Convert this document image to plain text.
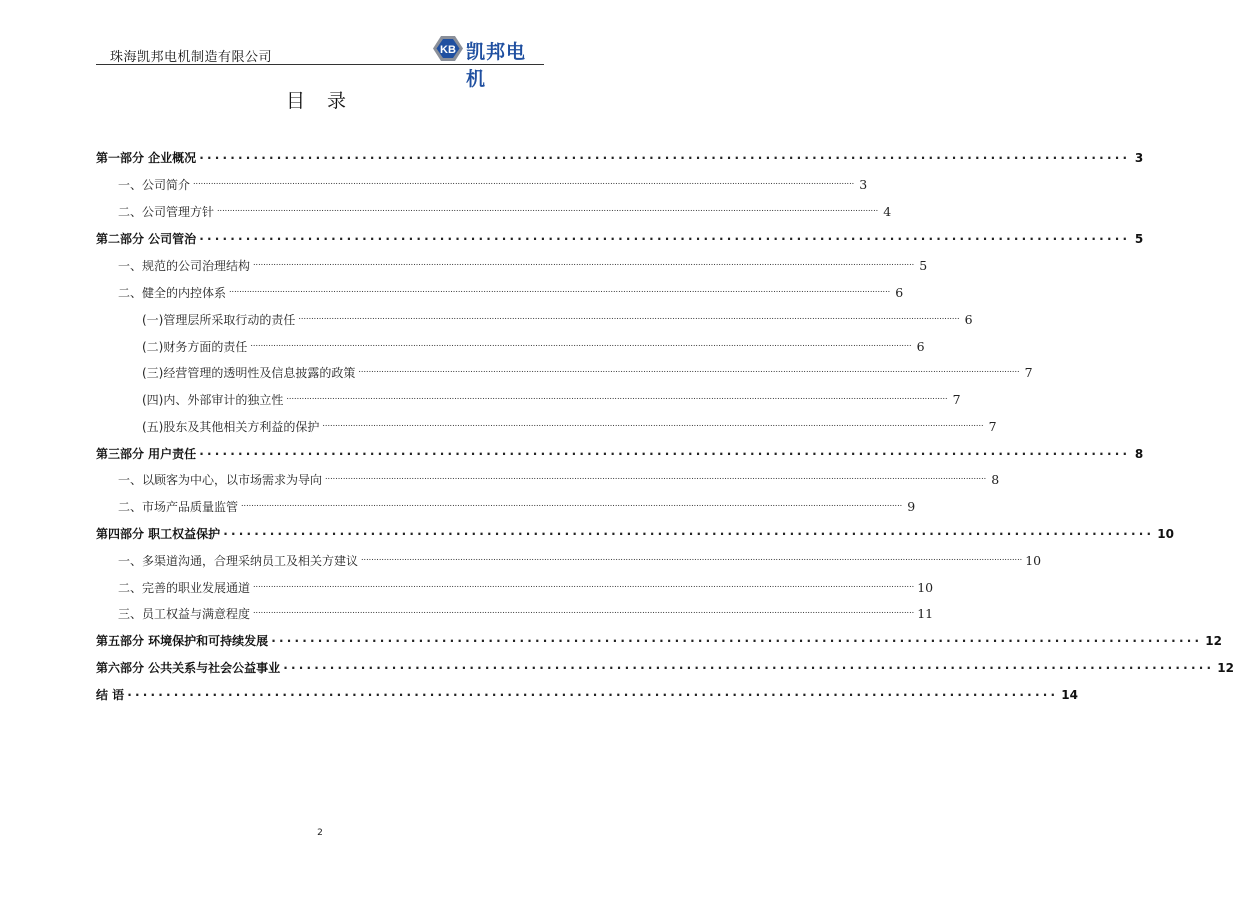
珠海凯邦电机制造有限公司	KB 凯邦电机
目 录
第一部分 企业概况 ........................................................................................................................ 3
一、公司简介 .................................................................................................................................................................................................................................................................... 3
二、公司管理方针 .................................................................................................................................................................................................................................................................... 4
第二部分 公司管治 ........................................................................................................................ 5
一、规范的公司治理结构 .................................................................................................................................................................................................................................................................... 5
二、健全的内控体系 .................................................................................................................................................................................................................................................................... 6
(一) 管理层所采取行动的责任 .................................................................................................................................................................................................................................................................... 6
(二) 财务方面的责任 .................................................................................................................................................................................................................................................................... 6
(三) 经营管理的透明性及信息披露的政策 .................................................................................................................................................................................................................................................................... 7
(四) 内、外部审计的独立性 .................................................................................................................................................................................................................................................................... 7
(五) 股东及其他相关方利益的保护 .................................................................................................................................................................................................................................................................... 7
第三部分 用户责任 ........................................................................................................................ 8
一、以顾客为中心，以市场需求为导向 .................................................................................................................................................................................................................................................................... 8
二、市场产品质量监管 .................................................................................................................................................................................................................................................................... 9
第四部分 职工权益保护 ........................................................................................................................ 10
一、多渠道沟通，合理采纳员工及相关方建议 .................................................................................................................................................................................................................................................................... 10
二、完善的职业发展通道 .................................................................................................................................................................................................................................................................... 10
三、员工权益与满意程度 .................................................................................................................................................................................................................................................................... 11
第五部分 环境保护和可持续发展 ........................................................................................................................ 12
第六部分 公共关系与社会公益事业 ........................................................................................................................ 12
结 语 ........................................................................................................................ 14
2
